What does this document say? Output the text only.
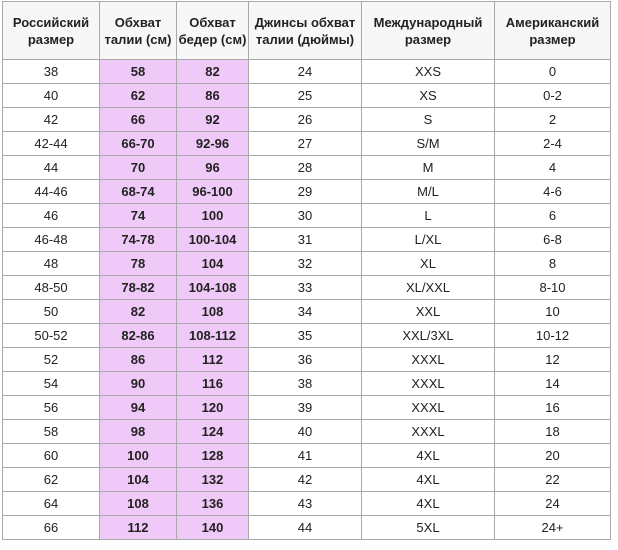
Российский размер	Обхват талии (см)	Обхват бедер (см)	Джинсы обхват талии (дюймы)	Международный размер	Американский размер
38	58	82	24	XXS	0
40	62	86	25	XS	0-2
42	66	92	26	S	2
42-44	66-70	92-96	27	S/M	2-4
44	70	96	28	M	4
44-46	68-74	96-100	29	M/L	4-6
46	74	100	30	L	6
46-48	74-78	100-104	31	L/XL	6-8
48	78	104	32	XL	8
48-50	78-82	104-108	33	XL/XXL	8-10
50	82	108	34	XXL	10
50-52	82-86	108-112	35	XXL/3XL	10-12
52	86	112	36	XXXL	12
54	90	116	38	XXXL	14
56	94	120	39	XXXL	16
58	98	124	40	XXXL	18
60	100	128	41	4XL	20
62	104	132	42	4XL	22
64	108	136	43	4XL	24
66	112	140	44	5XL	24+
